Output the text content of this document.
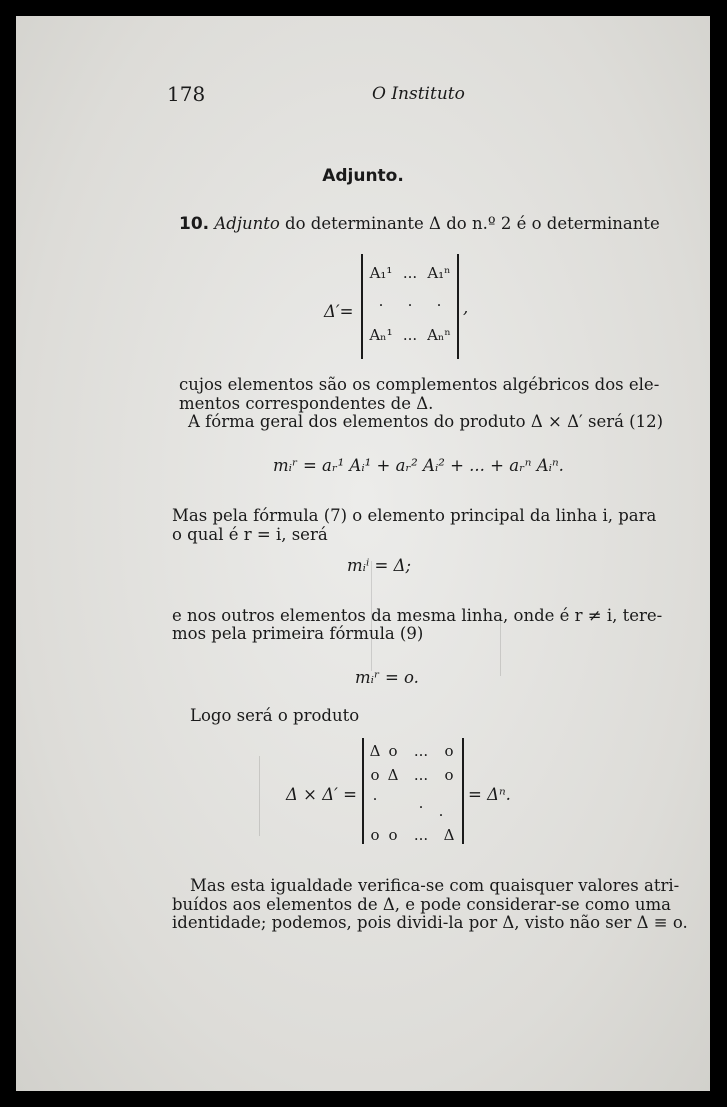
178	O Instituto
Adjunto.
10. Adjunto do determinante Δ do n.º 2 é o determinante
Δ′=
A₁¹ ... A₁ⁿ
.	.	.
Aₙ¹ ... Aₙⁿ
,
cujos elementos são os complementos algébricos dos ele-
mentos correspondentes de Δ.
A fórma geral dos elementos do produto Δ × Δ′ será (12)
mᵢʳ = aᵣ¹ Aᵢ¹ + aᵣ² Aᵢ² + ... + aᵣⁿ Aᵢⁿ.
Mas pela fórmula (7) o elemento principal da linha i, para
o qual é r = i, será
mᵢⁱ = Δ;
e nos outros elementos da mesma linha, onde é r ≠ i, tere-
mos pela primeira fórmula (9)
mᵢʳ = o.
Logo será o produto
Δ × Δ′ =
Δ o	...	o
o Δ	...	o
.	.	.
o o	...	Δ
= Δⁿ.
Mas esta igualdade verifica-se com quaisquer valores atri-
buídos aos elementos de Δ, e pode considerar-se como uma
identidade; podemos, pois dividi-la por Δ, visto não ser Δ ≡ o.
